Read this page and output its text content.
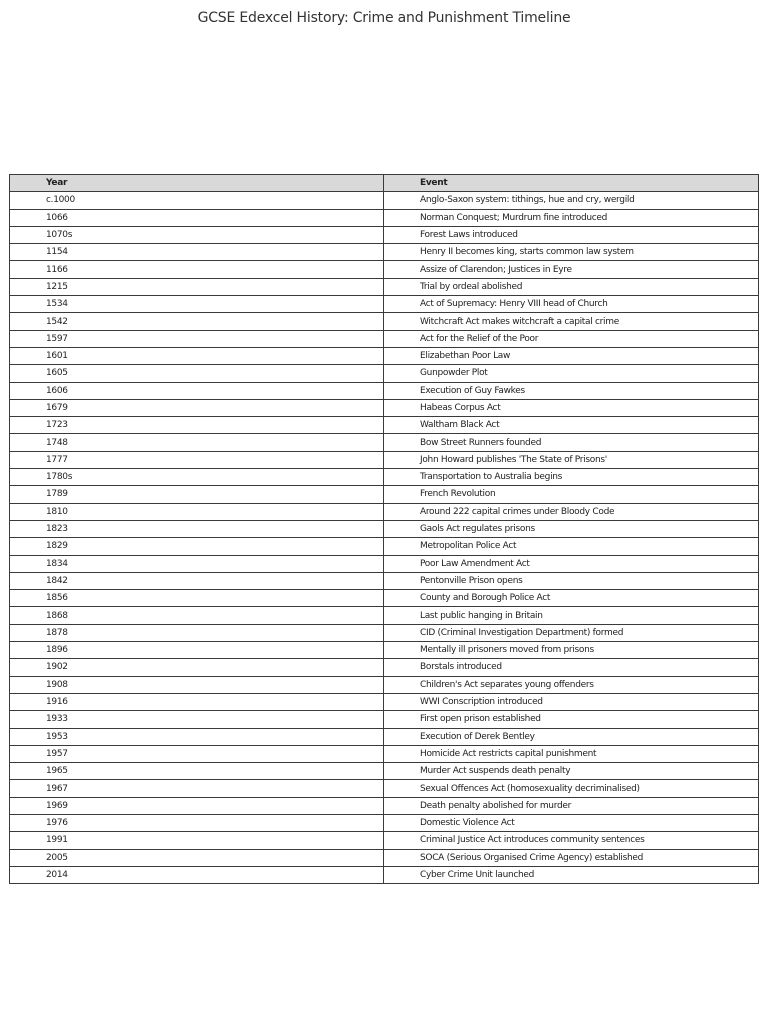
GCSE Edexcel History: Crime and Punishment Timeline
Year	Event
c.1000	Anglo-Saxon system: tithings, hue and cry, wergild
1066	Norman Conquest; Murdrum fine introduced
1070s	Forest Laws introduced
1154	Henry II becomes king, starts common law system
1166	Assize of Clarendon; Justices in Eyre
1215	Trial by ordeal abolished
1534	Act of Supremacy: Henry VIII head of Church
1542	Witchcraft Act makes witchcraft a capital crime
1597	Act for the Relief of the Poor
1601	Elizabethan Poor Law
1605	Gunpowder Plot
1606	Execution of Guy Fawkes
1679	Habeas Corpus Act
1723	Waltham Black Act
1748	Bow Street Runners founded
1777	John Howard publishes 'The State of Prisons'
1780s	Transportation to Australia begins
1789	French Revolution
1810	Around 222 capital crimes under Bloody Code
1823	Gaols Act regulates prisons
1829	Metropolitan Police Act
1834	Poor Law Amendment Act
1842	Pentonville Prison opens
1856	County and Borough Police Act
1868	Last public hanging in Britain
1878	CID (Criminal Investigation Department) formed
1896	Mentally ill prisoners moved from prisons
1902	Borstals introduced
1908	Children's Act separates young offenders
1916	WWI Conscription introduced
1933	First open prison established
1953	Execution of Derek Bentley
1957	Homicide Act restricts capital punishment
1965	Murder Act suspends death penalty
1967	Sexual Offences Act (homosexuality decriminalised)
1969	Death penalty abolished for murder
1976	Domestic Violence Act
1991	Criminal Justice Act introduces community sentences
2005	SOCA (Serious Organised Crime Agency) established
2014	Cyber Crime Unit launched
